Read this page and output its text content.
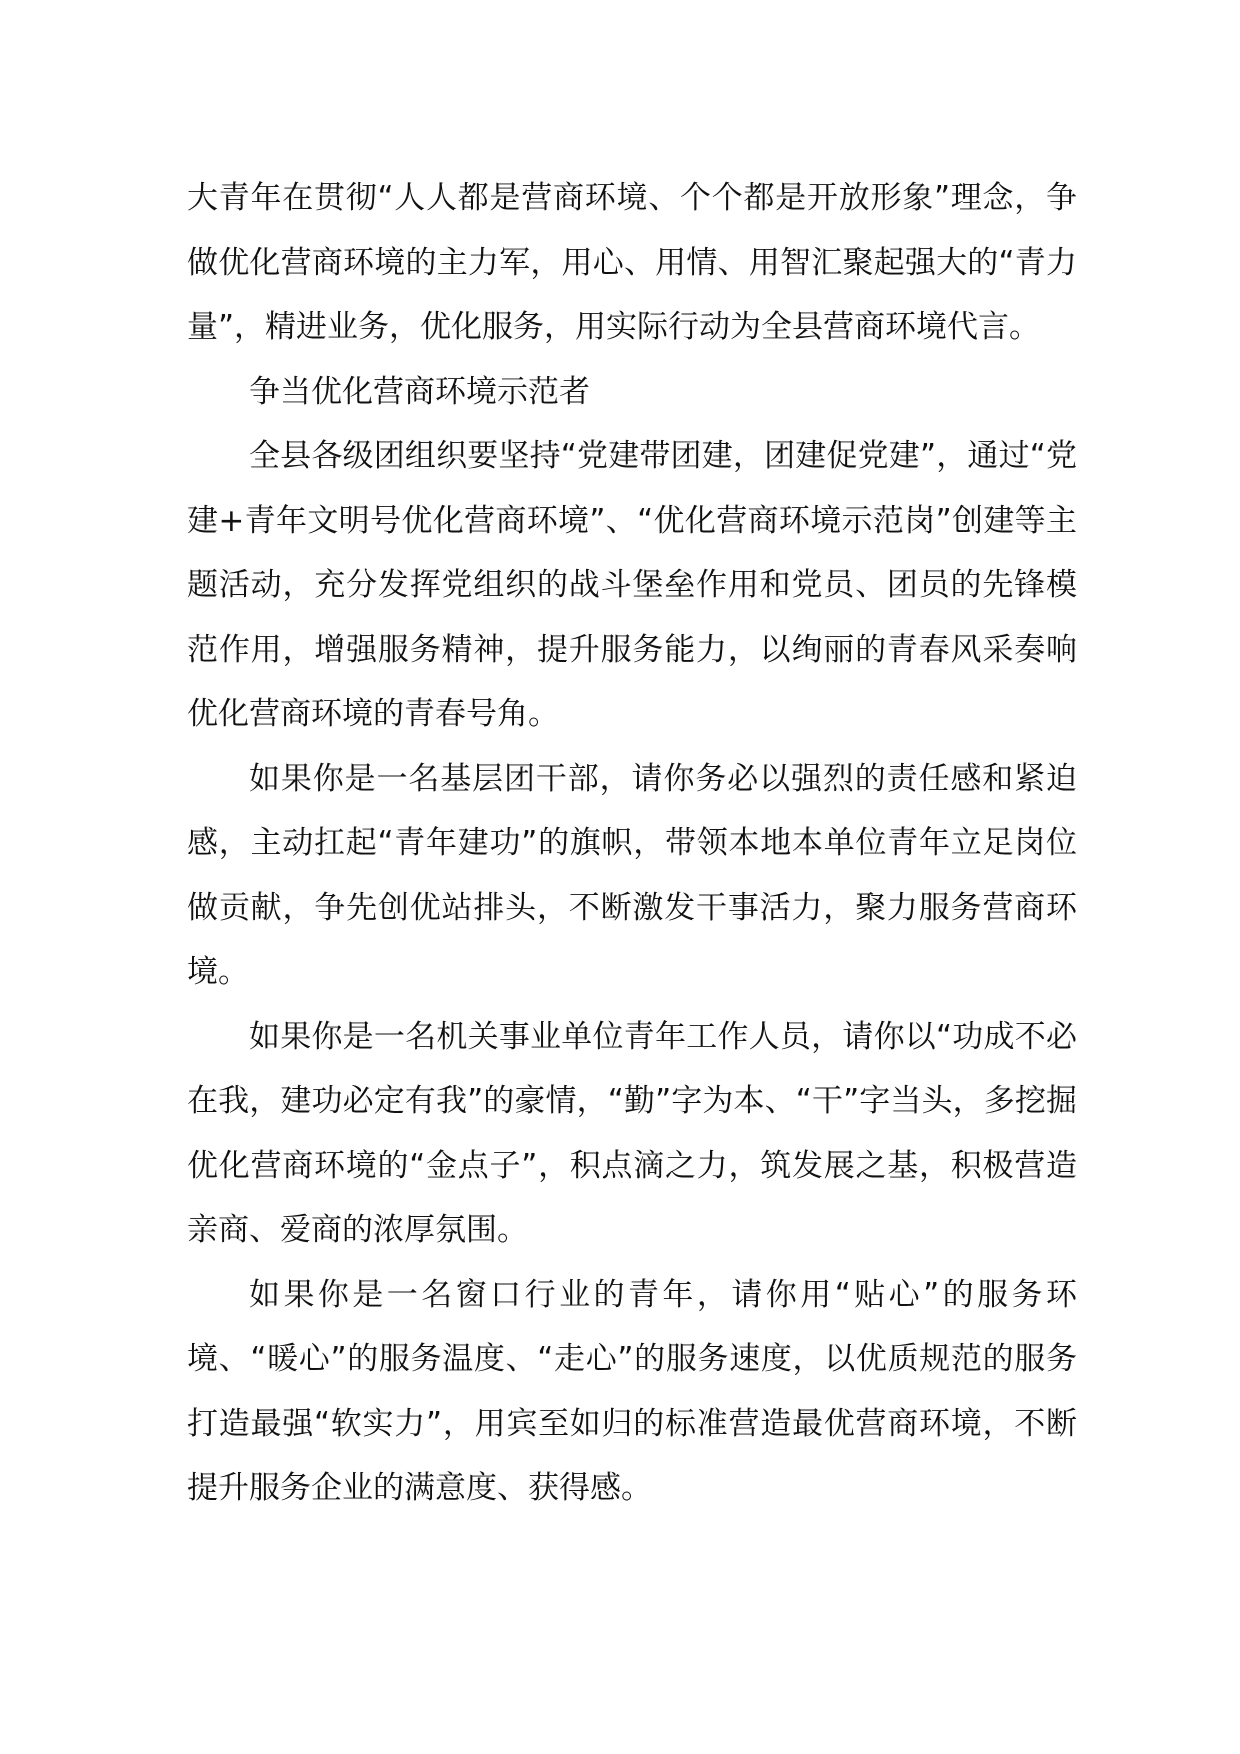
大青年在贯彻“人人都是营商环境、个个都是开放形象”理念，争做优化营商环境的主力军，用心、用情、用智汇聚起强大的“青力量”，精进业务，优化服务，用实际行动为全县营商环境代言。

争当优化营商环境示范者

全县各级团组织要坚持“党建带团建，团建促党建”，通过“党建+青年文明号优化营商环境”、“优化营商环境示范岗”创建等主题活动，充分发挥党组织的战斗堡垒作用和党员、团员的先锋模范作用，增强服务精神，提升服务能力，以绚丽的青春风采奏响优化营商环境的青春号角。

如果你是一名基层团干部，请你务必以强烈的责任感和紧迫感，主动扛起“青年建功”的旗帜，带领本地本单位青年立足岗位做贡献，争先创优站排头，不断激发干事活力，聚力服务营商环境。

如果你是一名机关事业单位青年工作人员，请你以“功成不必在我，建功必定有我”的豪情，“勤”字为本、“干”字当头，多挖掘优化营商环境的“金点子”，积点滴之力，筑发展之基，积极营造亲商、爱商的浓厚氛围。

如果你是一名窗口行业的青年，请你用“贴心”的服务环境、“暖心”的服务温度、“走心”的服务速度，以优质规范的服务打造最强“软实力”，用宾至如归的标准营造最优营商环境，不断提升服务企业的满意度、获得感。
